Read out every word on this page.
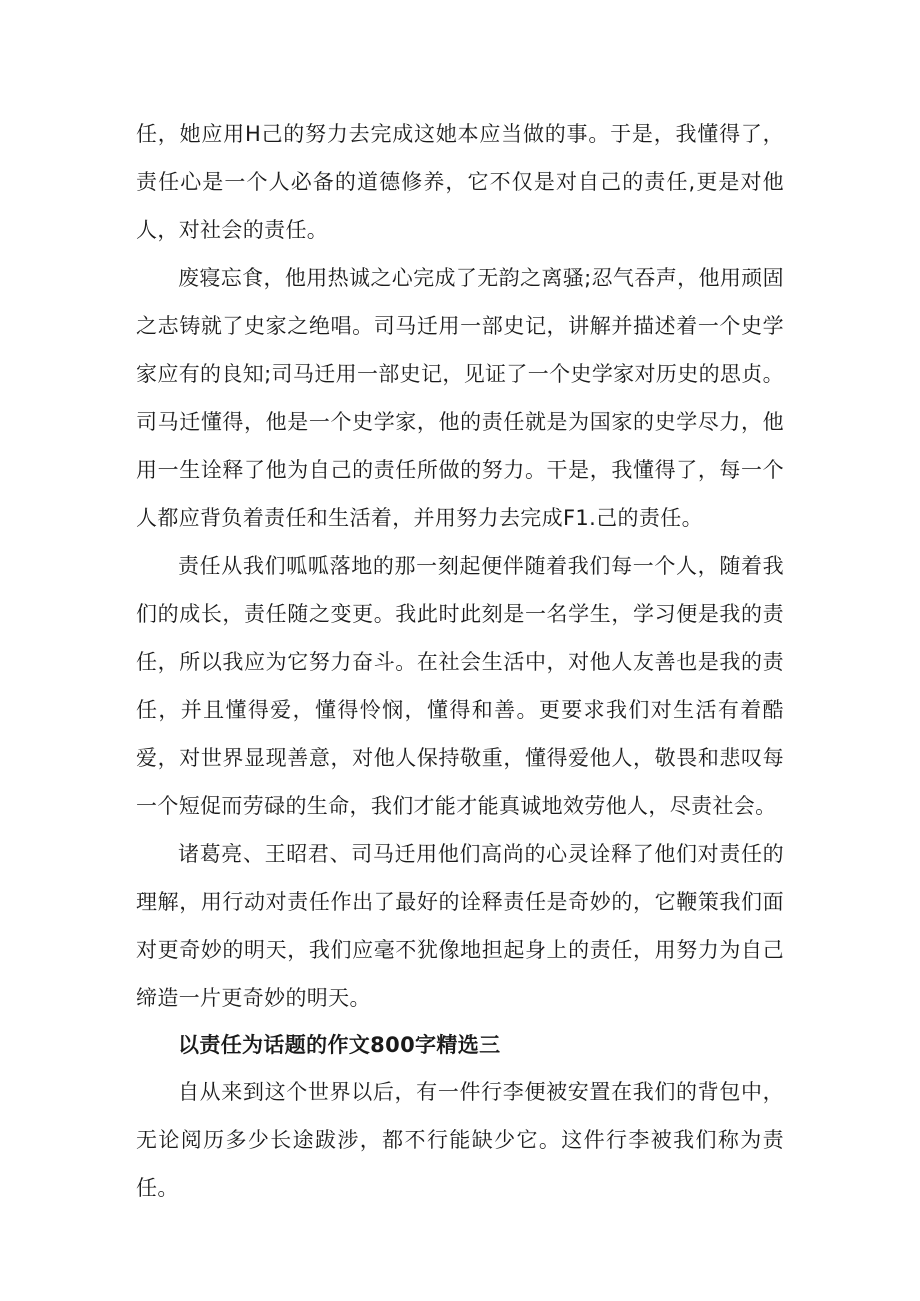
任，她应用H己的努力去完成这她本应当做的事。于是，我懂得了，责任心是一个人必备的道德修养，它不仅是对自己的责任,更是对他人，对社会的责任。

废寝忘食，他用热诚之心完成了无韵之离骚;忍气吞声，他用顽固之志铸就了史家之绝唱。司马迁用一部史记，讲解并描述着一个史学家应有的良知;司马迁用一部史记，见证了一个史学家对历史的思贞。司马迁懂得，他是一个史学家，他的责任就是为国家的史学尽力，他用一生诠释了他为自己的责任所做的努力。干是，我懂得了，每一个人都应背负着责任和生活着，并用努力去完成F1.己的责任。

责任从我们呱呱落地的那一刻起便伴随着我们每一个人，随着我们的成长，责任随之变更。我此时此刻是一名学生，学习便是我的责任，所以我应为它努力奋斗。在社会生活中，对他人友善也是我的责任，并且懂得爱，懂得怜悯，懂得和善。更要求我们对生活有着酷爱，对世界显现善意，对他人保持敬重，懂得爱他人，敬畏和悲叹每一个短促而劳碌的生命，我们才能才能真诚地效劳他人，尽责社会。

诸葛亮、王昭君、司马迁用他们高尚的心灵诠释了他们对责任的理解，用行动对责任作出了最好的诠释责任是奇妙的，它鞭策我们面对更奇妙的明天，我们应毫不犹像地担起身上的责任，用努力为自己缔造一片更奇妙的明天。

以责任为话题的作文800字精选三

自从来到这个世界以后，有一件行李便被安置在我们的背包中，无论阅历多少长途跋涉，都不行能缺少它。这件行李被我们称为责任。
